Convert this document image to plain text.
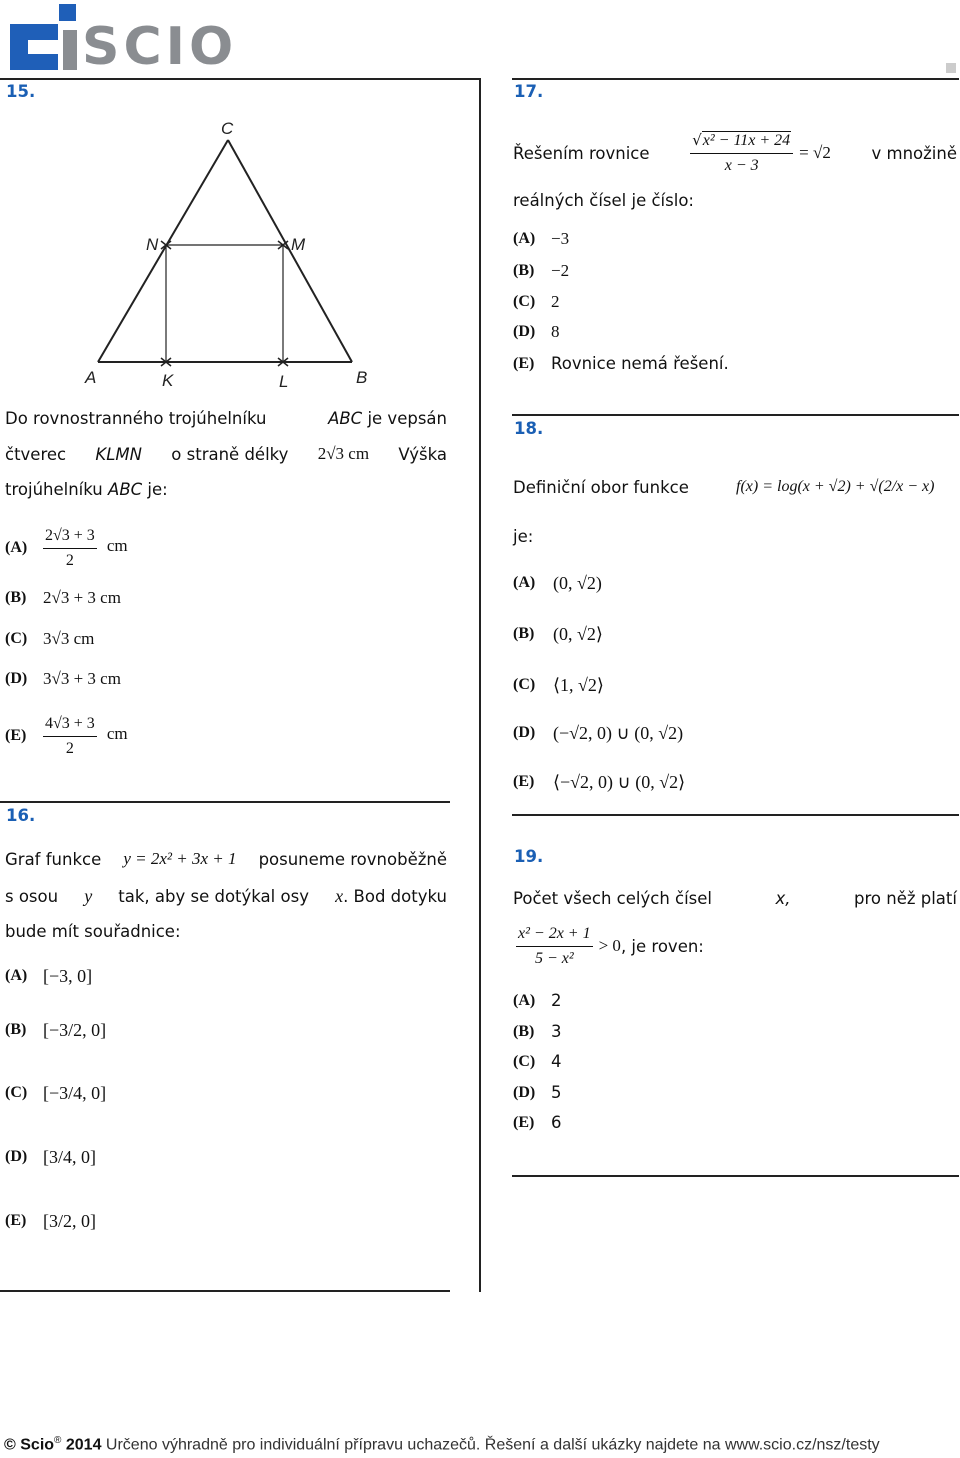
SCIO
15.
C
N	M
A	K	L	B
Do rovnostranného trojúhelníku	ABC je vepsán
čtverec KLMN o straně délky 2√3 cm Výška
trojúhelníku ABC je:
$(A) \frac{2√3 + 3}{2}$ cm
(B) 2√3 + 3 cm
(C) 3√3 cm
(D) 3√3 + 3 cm
(E)	$\frac{4√3 + 3}{2}$ cm
16.
Graf funkce y = 2x² + 3x + 1 posuneme rovnoběžně
s osou y tak, aby se dotýkal osy x. Bod dotyku
bude mít souřadnice:
(A) [−3, 0]
(B) [−3/2, 0]
(C) [−3/4, 0]
(D) [3/4, 0]
(E) [3/2, 0]
17.
Řešením rovnice	$\frac{\text{√x² − 11x + 24}}{x - 3} = √2$ v množině
reálných čísel je číslo:
(A) −3
(B) −2
(C) 2
(D) 8
(E)	Rovnice nemá řešení.
18.
Definiční obor funkce	f(x) = log(x + √2) + √(2/x − x)
je:
(A) (0, √2)
(B)	(0, √2⟩
(C) ⟨1, √2⟩
(D) (−√2, 0) ∪ (0, √2)
(E)	⟨−√2, 0) ∪ (0, √2⟩
19.
Počet všech celých čísel	x,	pro něž platí
$\frac{\text{x² − 2x + 1}}{\text{5 − x²}} > 0$ , je roven:
(A) 2
(B)	3
(C) 4
(D) 5
(E)	6
© Scio® 2014 Určeno výhradně pro individuální přípravu uchazečů. Řešení a další ukázky najdete na www.scio.cz/nsz/testy
